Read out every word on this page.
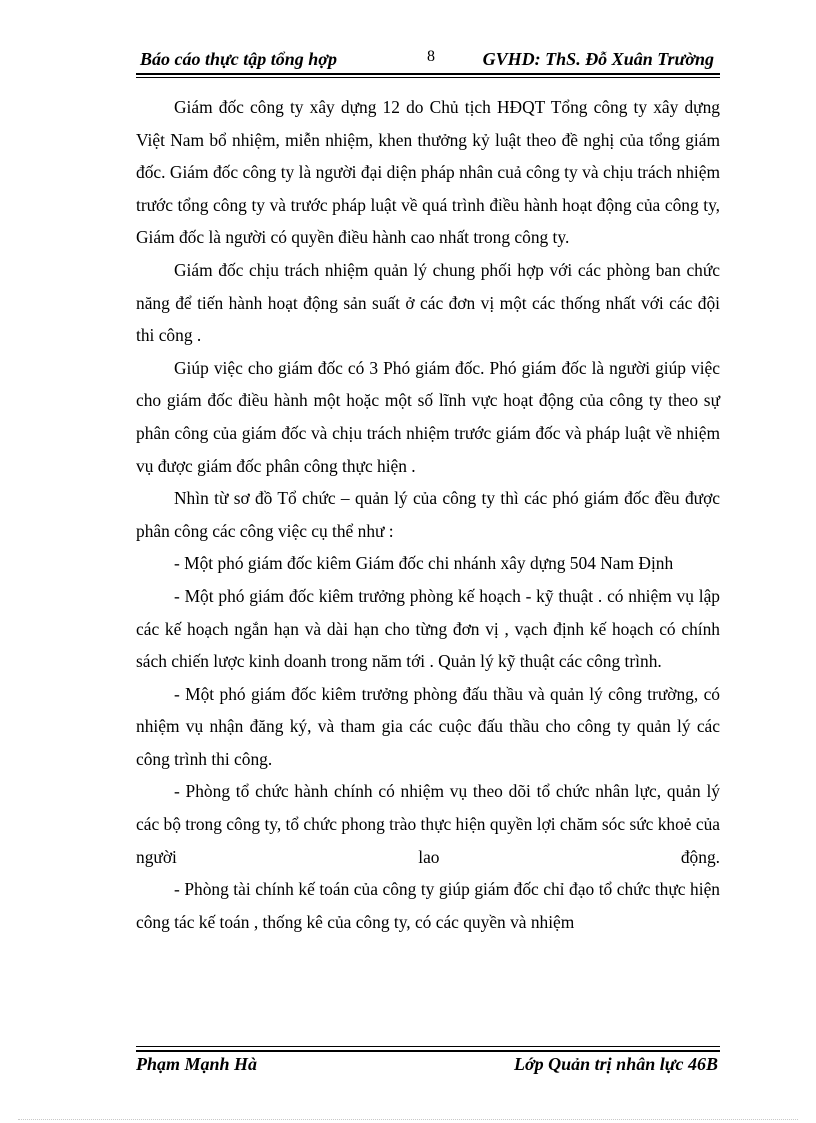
Báo cáo thực tập tổng hợp	8	GVHD: ThS. Đỗ Xuân Trường

Giám đốc công ty xây dựng 12 do Chủ tịch HĐQT Tổng công ty xây dựng Việt Nam bổ nhiệm, miễn nhiệm, khen thưởng kỷ luật theo đề nghị của tổng giám đốc. Giám đốc công ty là người đại diện pháp nhân cuả công ty và chịu trách nhiệm trước tổng công ty và trước pháp luật về quá trình điều hành hoạt động của công ty, Giám đốc là người có quyền điều hành cao nhất trong công ty.

Giám đốc chịu trách nhiệm quản lý chung phối hợp với các phòng ban chức năng để tiến hành hoạt động sản suất ở các đơn vị một các thống nhất với các đội thi công .

Giúp việc cho giám đốc có 3 Phó giám đốc. Phó giám đốc là người giúp việc cho giám đốc điều hành một hoặc một số lĩnh vực hoạt động của công ty theo sự phân công của giám đốc và chịu trách nhiệm trước giám đốc và pháp luật về nhiệm vụ được giám đốc phân công thực hiện .

Nhìn từ sơ đồ Tổ chức – quản lý của công ty thì các phó giám đốc đều được phân công các công việc cụ thể như :

- Một phó giám đốc kiêm Giám đốc chi nhánh xây dựng 504 Nam Định

- Một phó giám đốc kiêm trưởng phòng kế hoạch - kỹ thuật . có nhiệm vụ lập các kế hoạch ngắn hạn và dài hạn cho từng đơn vị , vạch định kế hoạch có chính sách chiến lược kinh doanh trong năm tới . Quản lý kỹ thuật các công trình.

- Một phó giám đốc kiêm trưởng phòng đấu thầu và quản lý công trường, có nhiệm vụ nhận đăng ký, và tham gia các cuộc đấu thầu cho công ty quản lý các công trình thi công.

- Phòng tổ chức hành chính có nhiệm vụ theo dõi tổ chức nhân lực, quản lý các bộ trong công ty, tổ chức phong trào thực hiện quyền lợi chăm sóc sức khoẻ của người lao động.

- Phòng tài chính kế toán của công ty giúp giám đốc chỉ đạo tổ chức thực hiện công tác kế toán , thống kê của công ty, có các quyền và nhiệm

Phạm Mạnh Hà	Lớp Quản trị nhân lực 46B
